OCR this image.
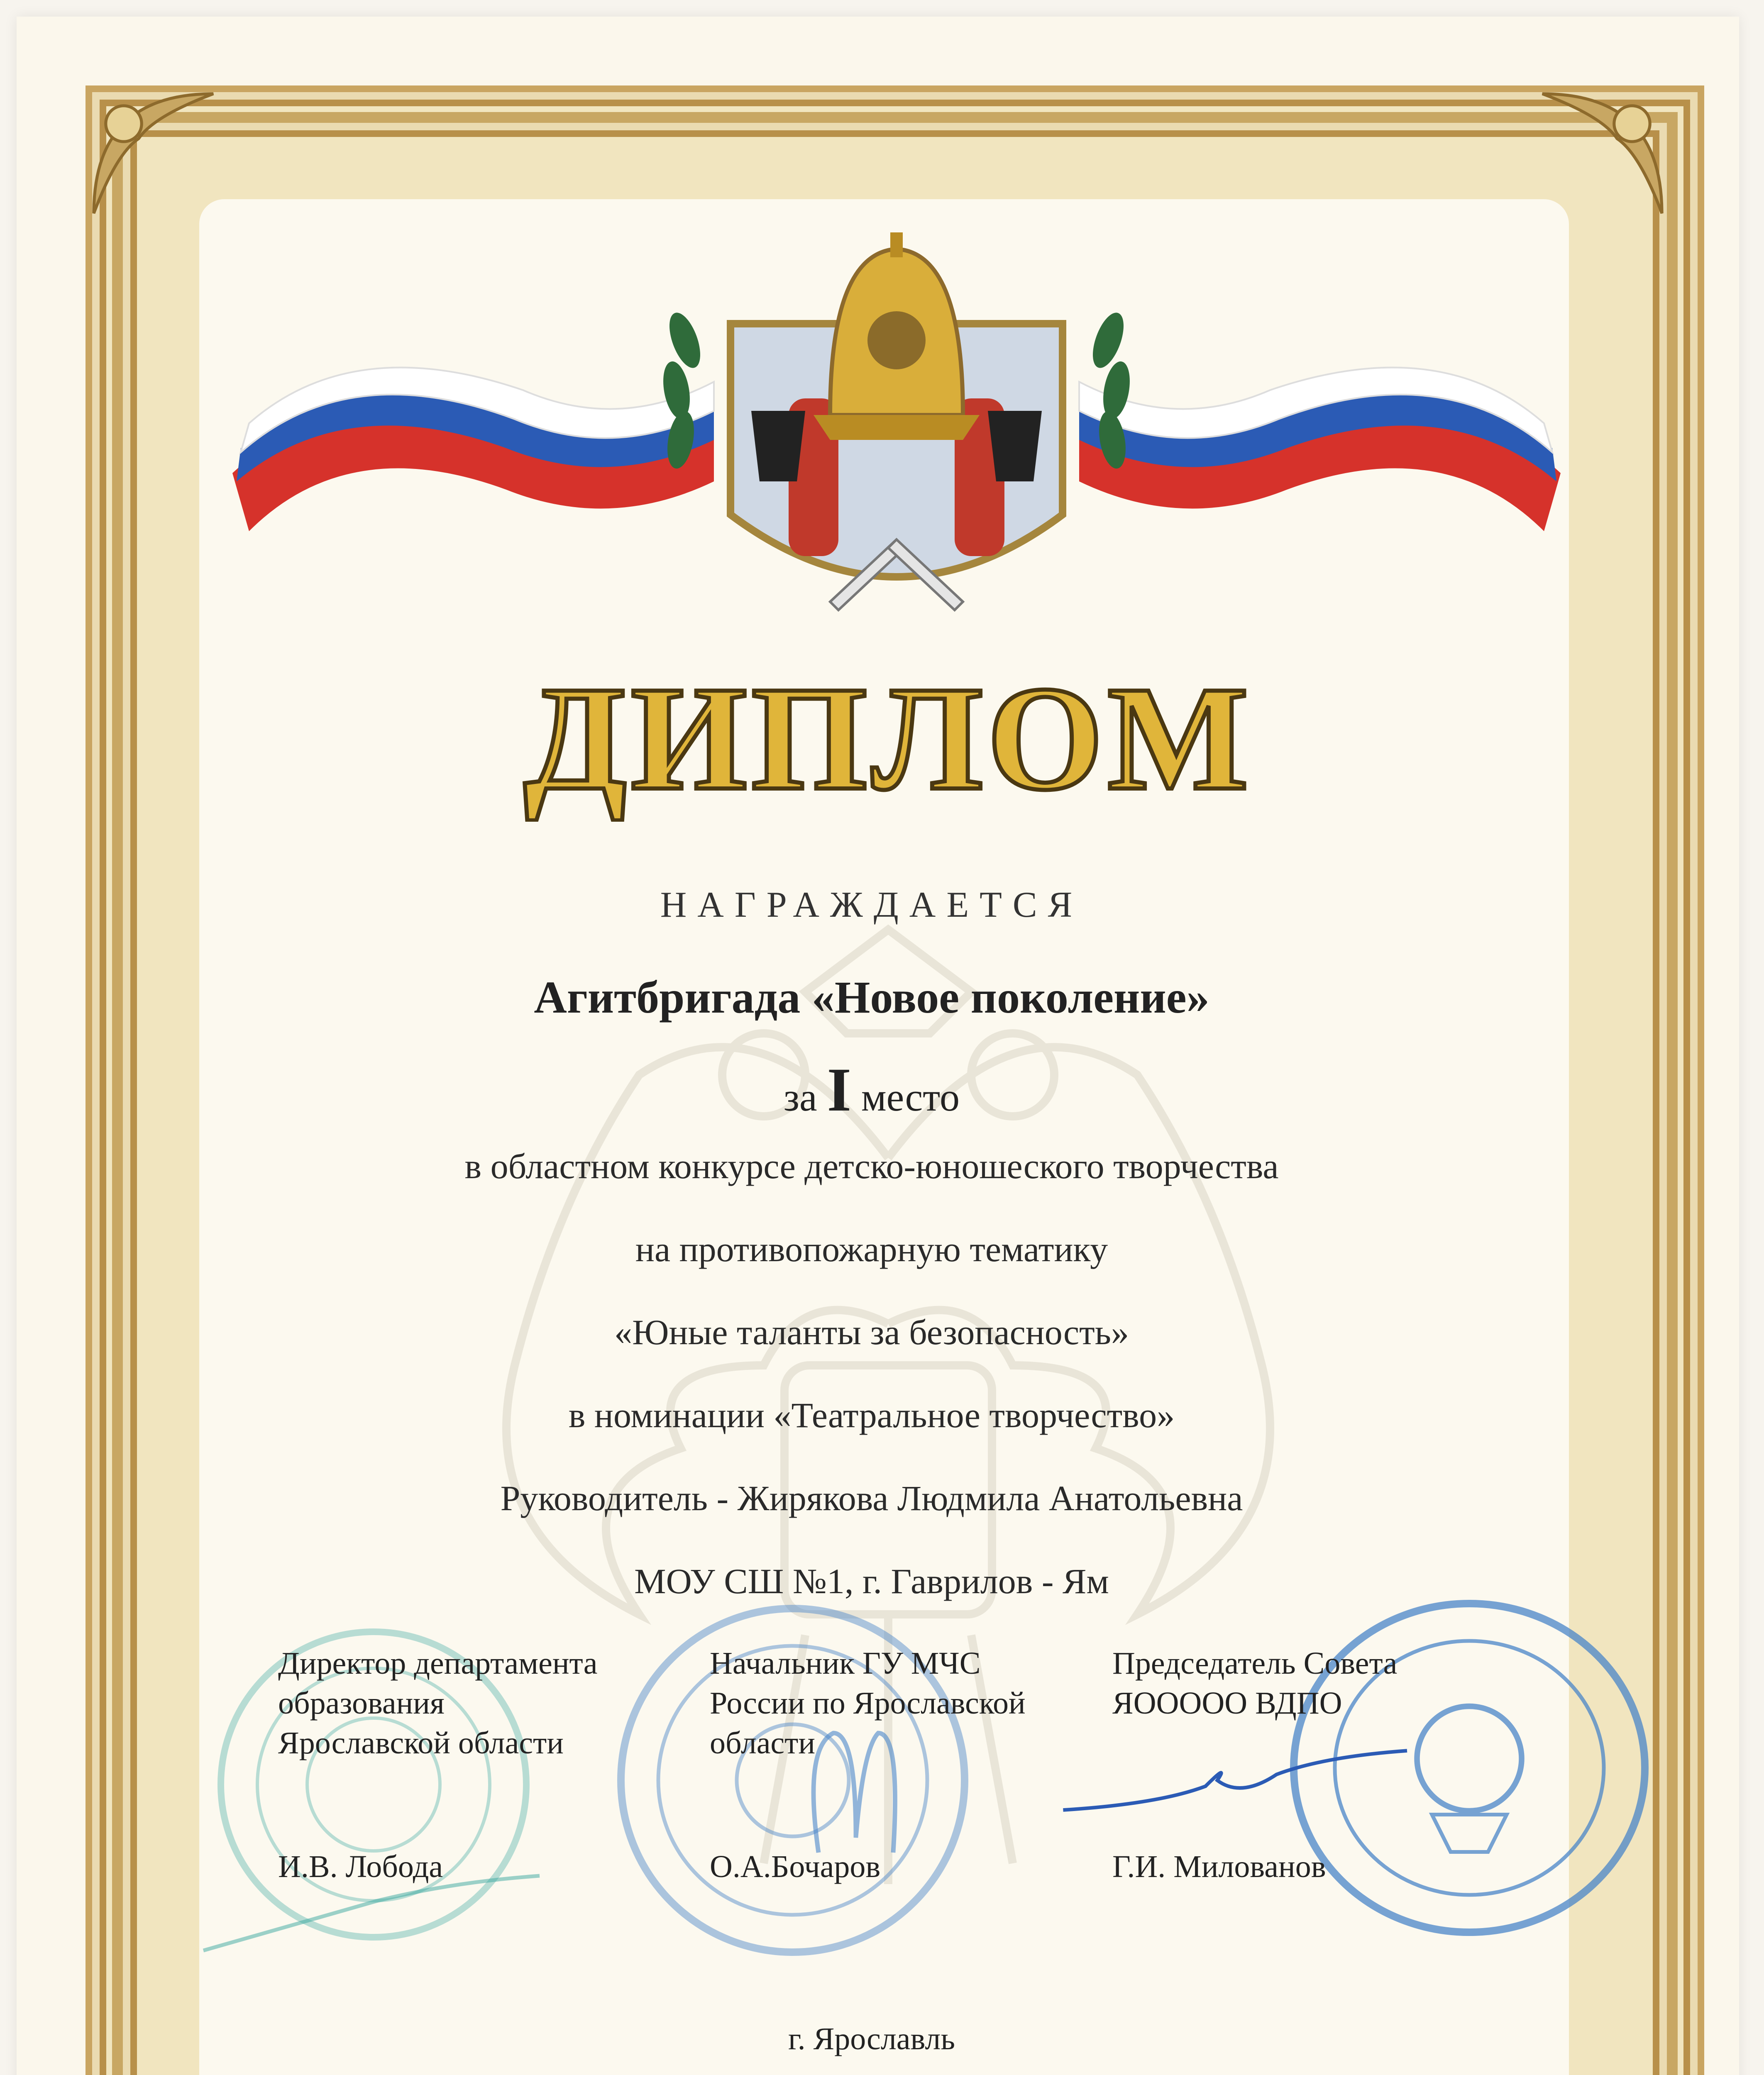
ДИПЛОМ
НАГРАЖДАЕТСЯ
Агитбригада «Новое поколение»
за I место
в областном конкурсе детско-юношеского творчества
на противопожарную тематику
«Юные таланты за безопасность»
в номинации «Театральное творчество»
Руководитель - Жирякова Людмила Анатольевна
МОУ СШ №1, г. Гаврилов - Ям
Директор департамента
образования
Ярославской области
И.В. Лобода
Начальник ГУ МЧС
России по Ярославской
области
О.А.Бочаров
Председатель Совета
ЯООООО ВДПО
Г.И. Милованов
г. Ярославль
